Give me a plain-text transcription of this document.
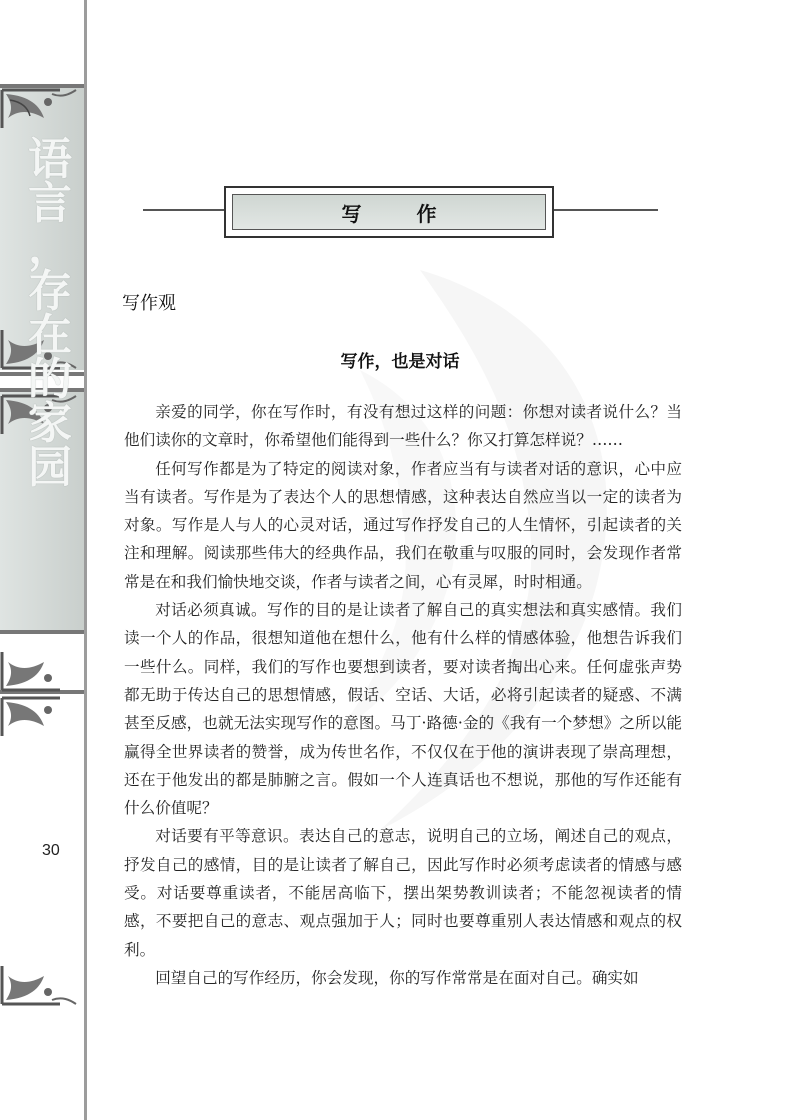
语
言
，
存
在
的
家
园
30
写 作
写作观
写作，也是对话

亲爱的同学，你在写作时，有没有想过这样的问题：你想对读者说什么？当他们读你的文章时，你希望他们能得到一些什么？你又打算怎样说？……

任何写作都是为了特定的阅读对象，作者应当有与读者对话的意识，心中应当有读者。写作是为了表达个人的思想情感，这种表达自然应当以一定的读者为对象。写作是人与人的心灵对话，通过写作抒发自己的人生情怀，引起读者的关注和理解。阅读那些伟大的经典作品，我们在敬重与叹服的同时，会发现作者常常是在和我们愉快地交谈，作者与读者之间，心有灵犀，时时相通。

对话必须真诚。写作的目的是让读者了解自己的真实想法和真实感情。我们读一个人的作品，很想知道他在想什么，他有什么样的情感体验，他想告诉我们一些什么。同样，我们的写作也要想到读者，要对读者掏出心来。任何虚张声势都无助于传达自己的思想情感，假话、空话、大话，必将引起读者的疑惑、不满甚至反感，也就无法实现写作的意图。马丁·路德·金的《我有一个梦想》之所以能赢得全世界读者的赞誉，成为传世名作，不仅仅在于他的演讲表现了崇高理想，还在于他发出的都是肺腑之言。假如一个人连真话也不想说，那他的写作还能有什么价值呢？

对话要有平等意识。表达自己的意志，说明自己的立场，阐述自己的观点，抒发自己的感情，目的是让读者了解自己，因此写作时必须考虑读者的情感与感受。对话要尊重读者，不能居高临下，摆出架势教训读者；不能忽视读者的情感，不要把自己的意志、观点强加于人；同时也要尊重别人表达情感和观点的权利。

回望自己的写作经历，你会发现，你的写作常常是在面对自己。确实如
